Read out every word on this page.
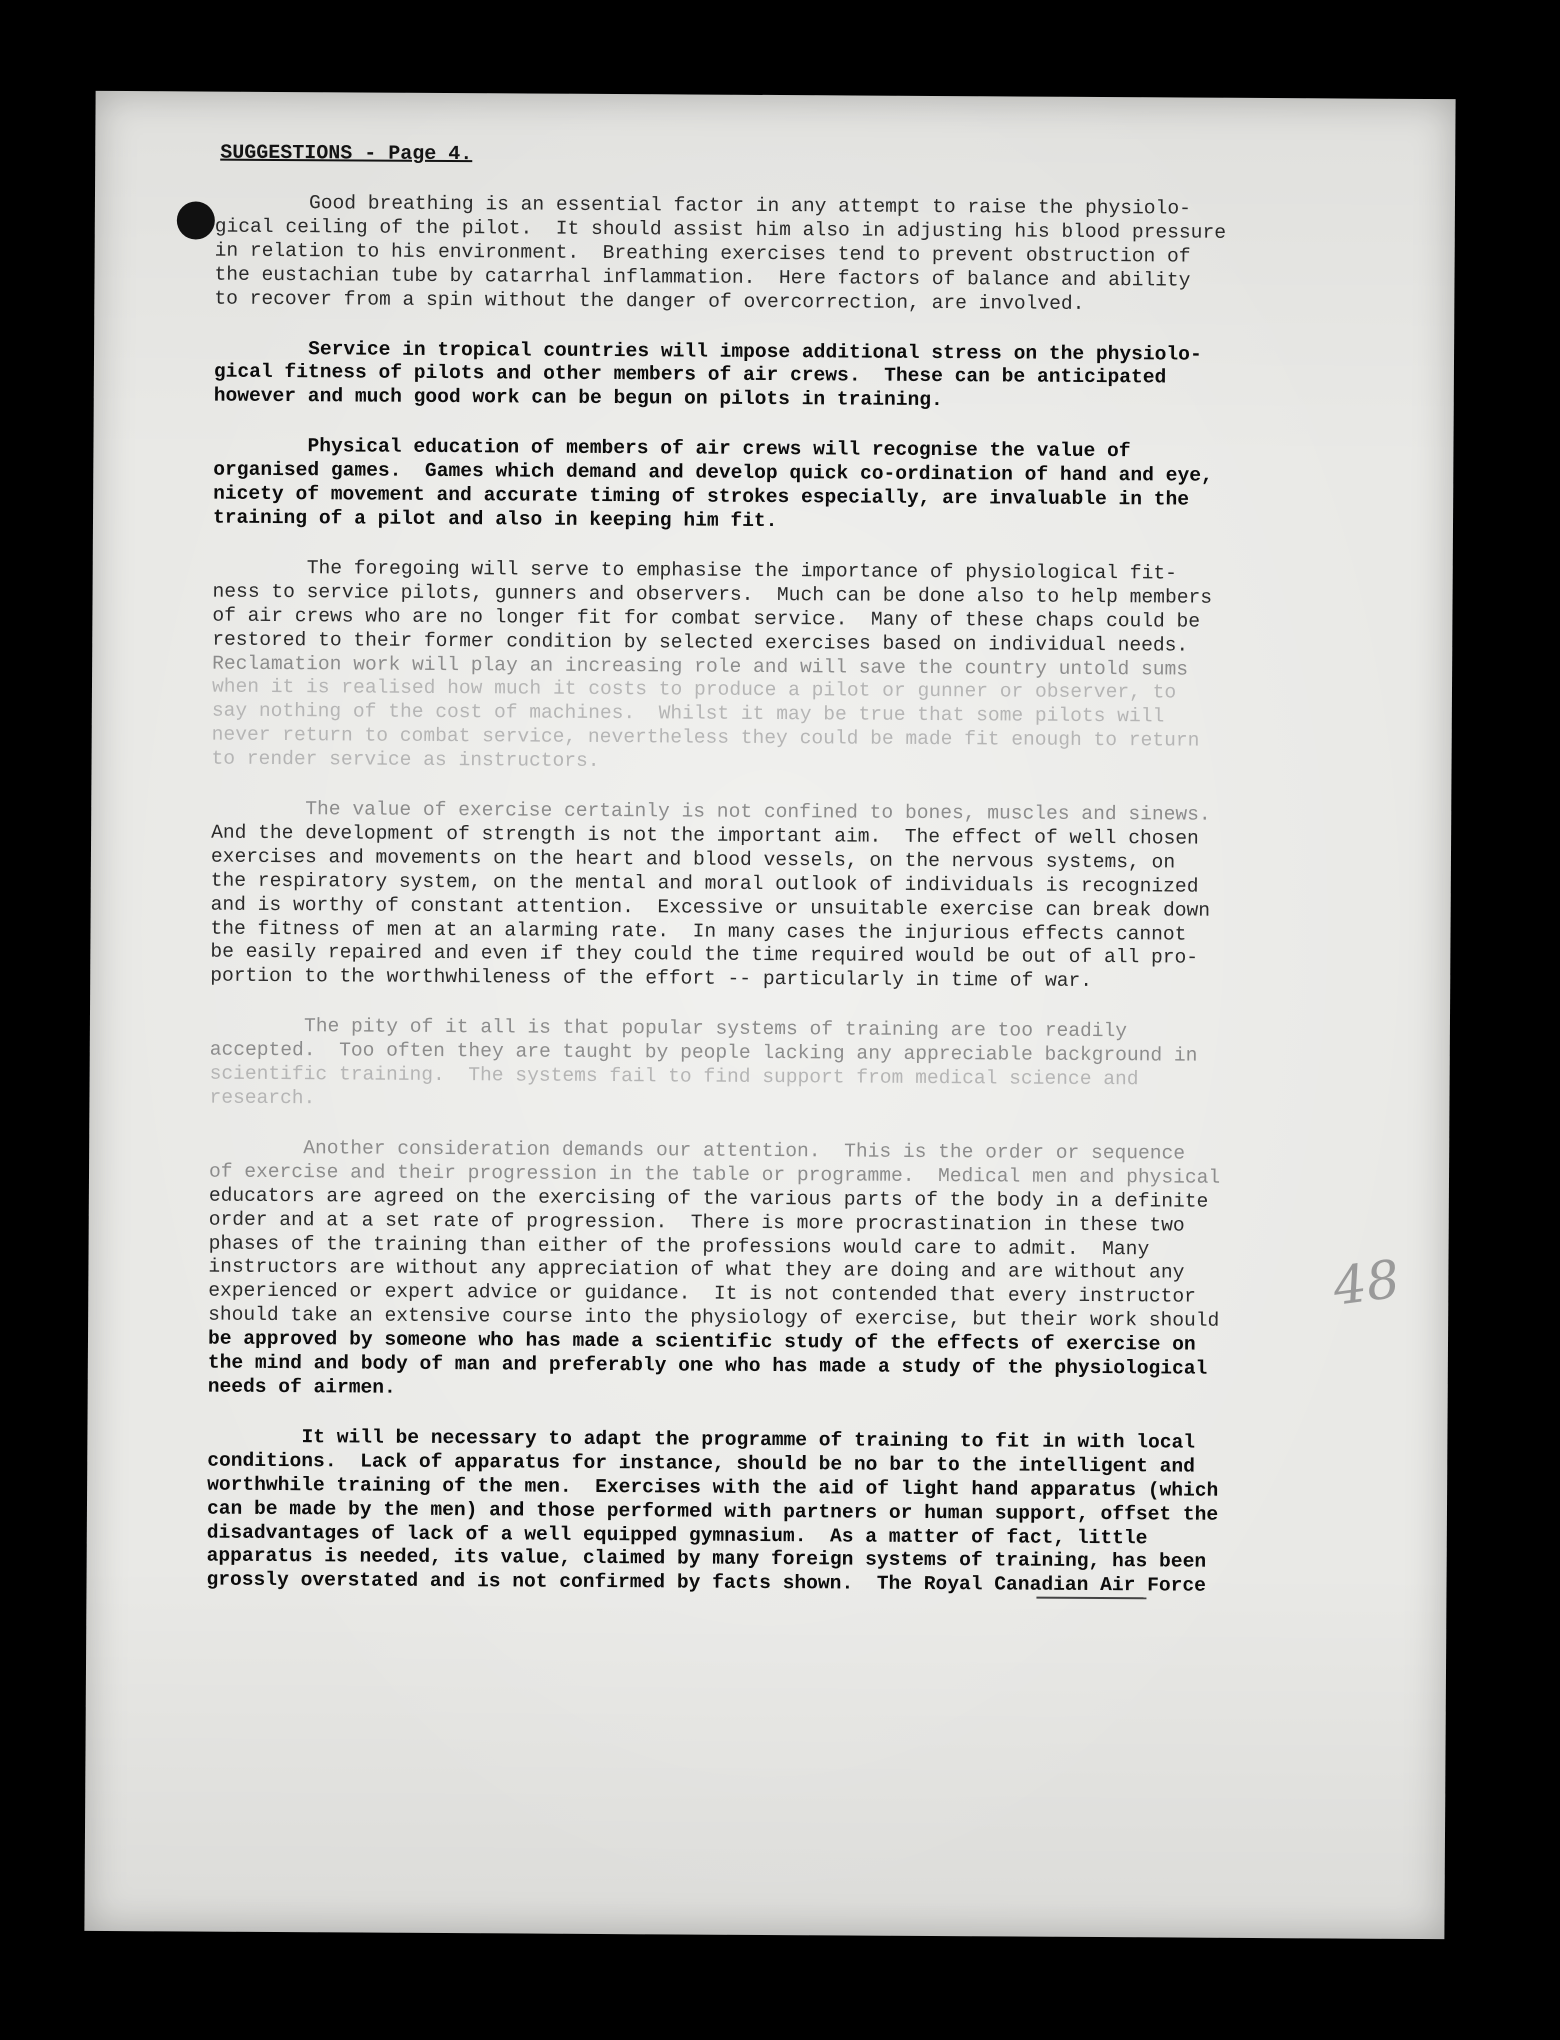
SUGGESTIONS - Page 4.
Good breathing is an essential factor in any attempt to raise the physiolo-
gical ceiling of the pilot.  It should assist him also in adjusting his blood pressure
in relation to his environment.  Breathing exercises tend to prevent obstruction of
the eustachian tube by catarrhal inflammation.  Here factors of balance and ability
to recover from a spin without the danger of overcorrection, are involved.
Service in tropical countries will impose additional stress on the physiolo-
gical fitness of pilots and other members of air crews.  These can be anticipated
however and much good work can be begun on pilots in training.
Physical education of members of air crews will recognise the value of
organised games.  Games which demand and develop quick co-ordination of hand and eye,
nicety of movement and accurate timing of strokes especially, are invaluable in the
training of a pilot and also in keeping him fit.
The foregoing will serve to emphasise the importance of physiological fit-
ness to service pilots, gunners and observers.  Much can be done also to help members
of air crews who are no longer fit for combat service.  Many of these chaps could be
restored to their former condition by selected exercises based on individual needs.
Reclamation work will play an increasing role and will save the country untold sums
when it is realised how much it costs to produce a pilot or gunner or observer, to
say nothing of the cost of machines.  Whilst it may be true that some pilots will
never return to combat service, nevertheless they could be made fit enough to return
to render service as instructors.
The value of exercise certainly is not confined to bones, muscles and sinews.
And the development of strength is not the important aim.  The effect of well chosen
exercises and movements on the heart and blood vessels, on the nervous systems, on
the respiratory system, on the mental and moral outlook of individuals is recognized
and is worthy of constant attention.  Excessive or unsuitable exercise can break down
the fitness of men at an alarming rate.  In many cases the injurious effects cannot
be easily repaired and even if they could the time required would be out of all pro-
portion to the worthwhileness of the effort -- particularly in time of war.
The pity of it all is that popular systems of training are too readily
accepted.  Too often they are taught by people lacking any appreciable background in
scientific training.  The systems fail to find support from medical science and
research.
Another consideration demands our attention.  This is the order or sequence
of exercise and their progression in the table or programme.  Medical men and physical
educators are agreed on the exercising of the various parts of the body in a definite
order and at a set rate of progression.  There is more procrastination in these two
phases of the training than either of the professions would care to admit.  Many
instructors are without any appreciation of what they are doing and are without any
experienced or expert advice or guidance.  It is not contended that every instructor
should take an extensive course into the physiology of exercise, but their work should
be approved by someone who has made a scientific study of the effects of exercise on
the mind and body of man and preferably one who has made a study of the physiological
needs of airmen.
It will be necessary to adapt the programme of training to fit in with local
conditions.  Lack of apparatus for instance, should be no bar to the intelligent and
worthwhile training of the men.  Exercises with the aid of light hand apparatus (which
can be made by the men) and those performed with partners or human support, offset the
disadvantages of lack of a well equipped gymnasium.  As a matter of fact, little
apparatus is needed, its value, claimed by many foreign systems of training, has been
grossly overstated and is not confirmed by facts shown.  The Royal Canadian Air Force
48
